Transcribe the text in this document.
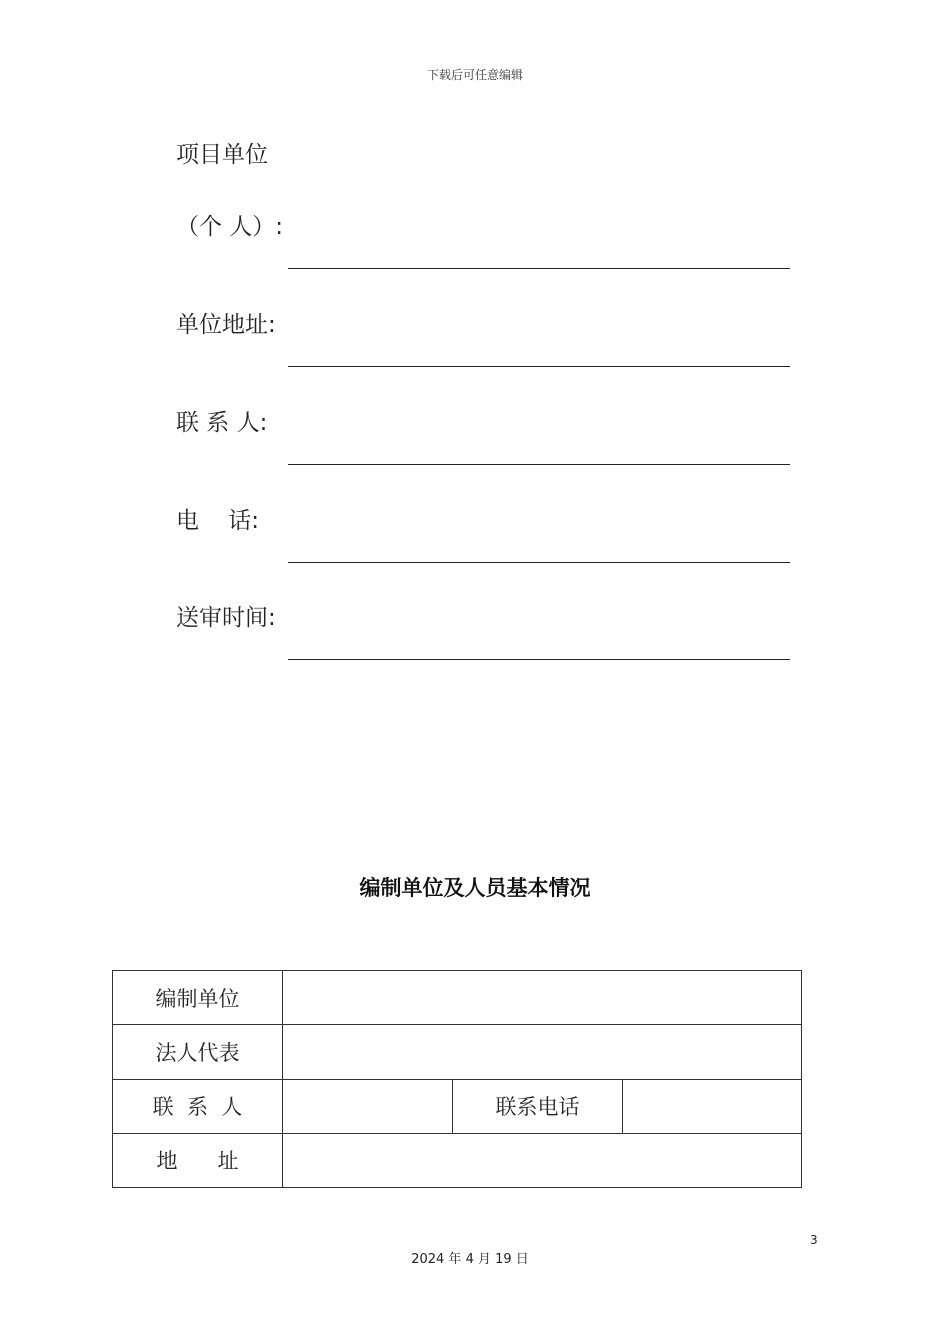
下载后可任意编辑
项目单位
（个 人）:
单位地址:
联 系 人:
电    话:
送审时间:
编制单位及人员基本情况
编制单位			
法人代表			
联  系  人		联系电话	
地      址			
3
2024 年 4 月 19 日
